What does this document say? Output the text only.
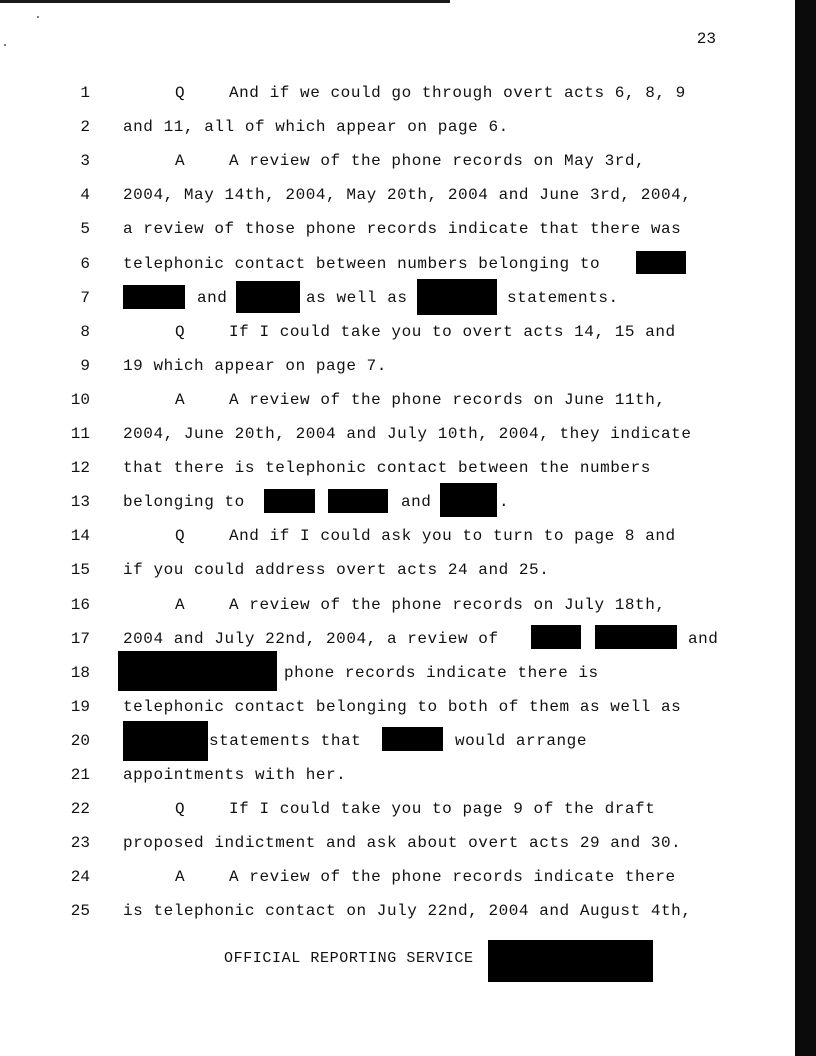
23
1	Q	And if we could go through overt acts 6, 8, 9
2 and 11, all of which appear on page 6.
3	A	A review of the phone records on May 3rd,
4 2004, May 14th, 2004, May 20th, 2004 and June 3rd, 2004,
5 a review of those phone records indicate that there was
6 telephonic contact between numbers belonging to
7	and	as well as	statements.
8	Q	If I could take you to overt acts 14, 15 and
9 19 which appear on page 7.
10	A	A review of the phone records on June 11th,
11 2004, June 20th, 2004 and July 10th, 2004, they indicate
12 that there is telephonic contact between the numbers
13 belonging to	and	.
14	Q	And if I could ask you to turn to page 8 and
15 if you could address overt acts 24 and 25.
16	A	A review of the phone records on July 18th,
17 2004 and July 22nd, 2004, a review of	and
18	phone records indicate there is
19 telephonic contact belonging to both of them as well as
20	statements that	would arrange
21 appointments with her.
22	Q	If I could take you to page 9 of the draft
23 proposed indictment and ask about overt acts 29 and 30.
24	A	A review of the phone records indicate there
25 is telephonic contact on July 22nd, 2004 and August 4th,
OFFICIAL REPORTING SERVICE
